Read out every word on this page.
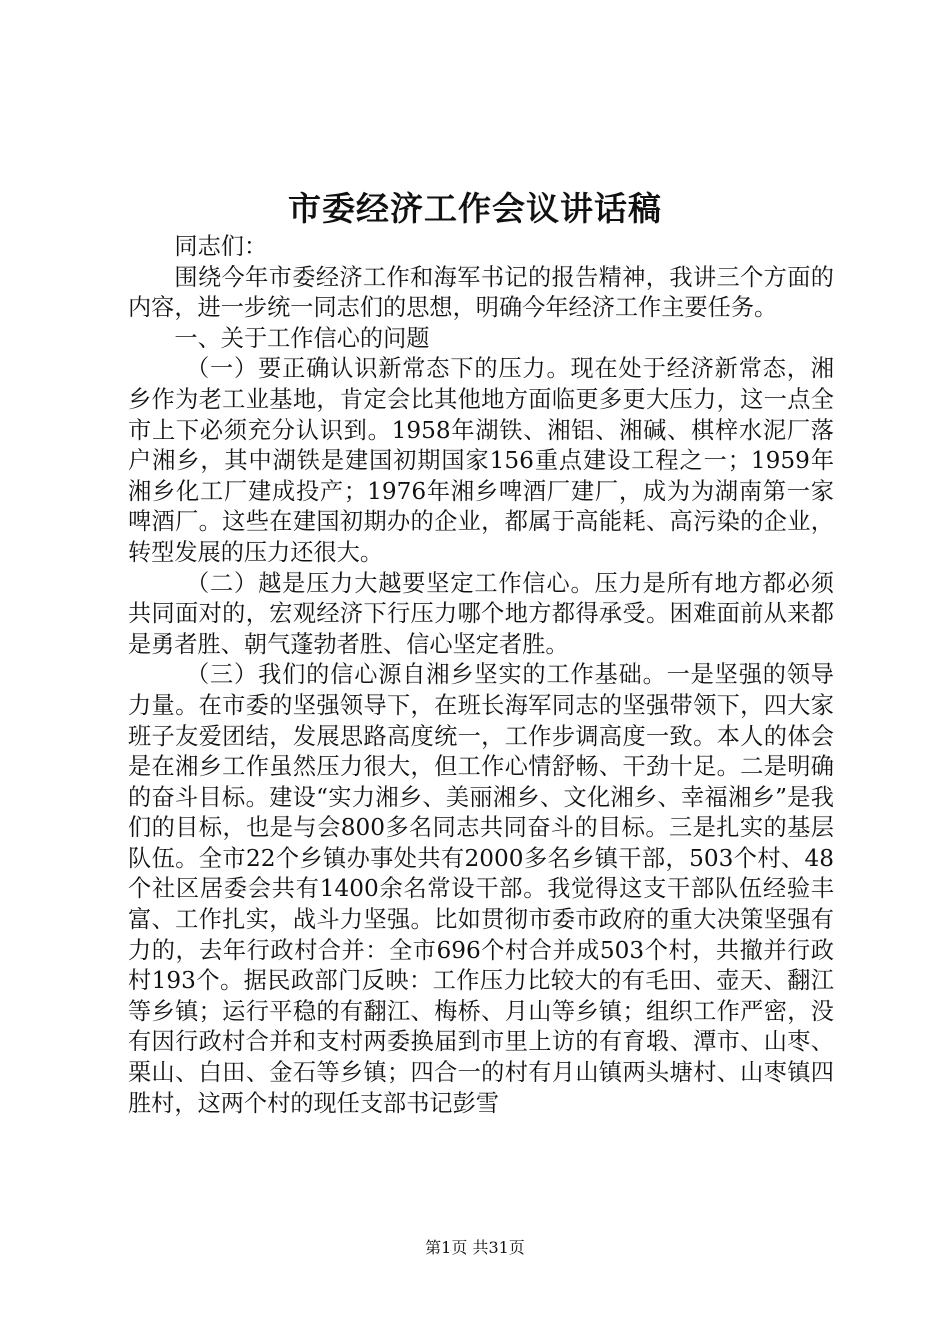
市委经济工作会议讲话稿

同志们：

围绕今年市委经济工作和海军书记的报告精神，我讲三个方面的内容，进一步统一同志们的思想，明确今年经济工作主要任务。

一、关于工作信心的问题

（一）要正确认识新常态下的压力。现在处于经济新常态，湘乡作为老工业基地，肯定会比其他地方面临更多更大压力，这一点全市上下必须充分认识到。1958年湖铁、湘铝、湘碱、棋梓水泥厂落户湘乡，其中湖铁是建国初期国家156重点建设工程之一；1959年湘乡化工厂建成投产；1976年湘乡啤酒厂建厂，成为为湖南第一家啤酒厂。这些在建国初期办的企业，都属于高能耗、高污染的企业，转型发展的压力还很大。

（二）越是压力大越要坚定工作信心。压力是所有地方都必须共同面对的，宏观经济下行压力哪个地方都得承受。困难面前从来都是勇者胜、朝气蓬勃者胜、信心坚定者胜。

（三）我们的信心源自湘乡坚实的工作基础。一是坚强的领导力量。在市委的坚强领导下，在班长海军同志的坚强带领下，四大家班子友爱团结，发展思路高度统一，工作步调高度一致。本人的体会是在湘乡工作虽然压力很大，但工作心情舒畅、干劲十足。二是明确的奋斗目标。建设“实力湘乡、美丽湘乡、文化湘乡、幸福湘乡”是我们的目标，也是与会800多名同志共同奋斗的目标。三是扎实的基层队伍。全市22个乡镇办事处共有2000多名乡镇干部，503个村、48个社区居委会共有1400余名常设干部。我觉得这支干部队伍经验丰富、工作扎实，战斗力坚强。比如贯彻市委市政府的重大决策坚强有力的，去年行政村合并：全市696个村合并成503个村，共撤并行政村193个。据民政部门反映：工作压力比较大的有毛田、壶天、翻江等乡镇；运行平稳的有翻江、梅桥、月山等乡镇；组织工作严密，没有因行政村合并和支村两委换届到市里上访的有育塅、潭市、山枣、栗山、白田、金石等乡镇；四合一的村有月山镇两头塘村、山枣镇四胜村，这两个村的现任支部书记彭雪

第1页 共31页
